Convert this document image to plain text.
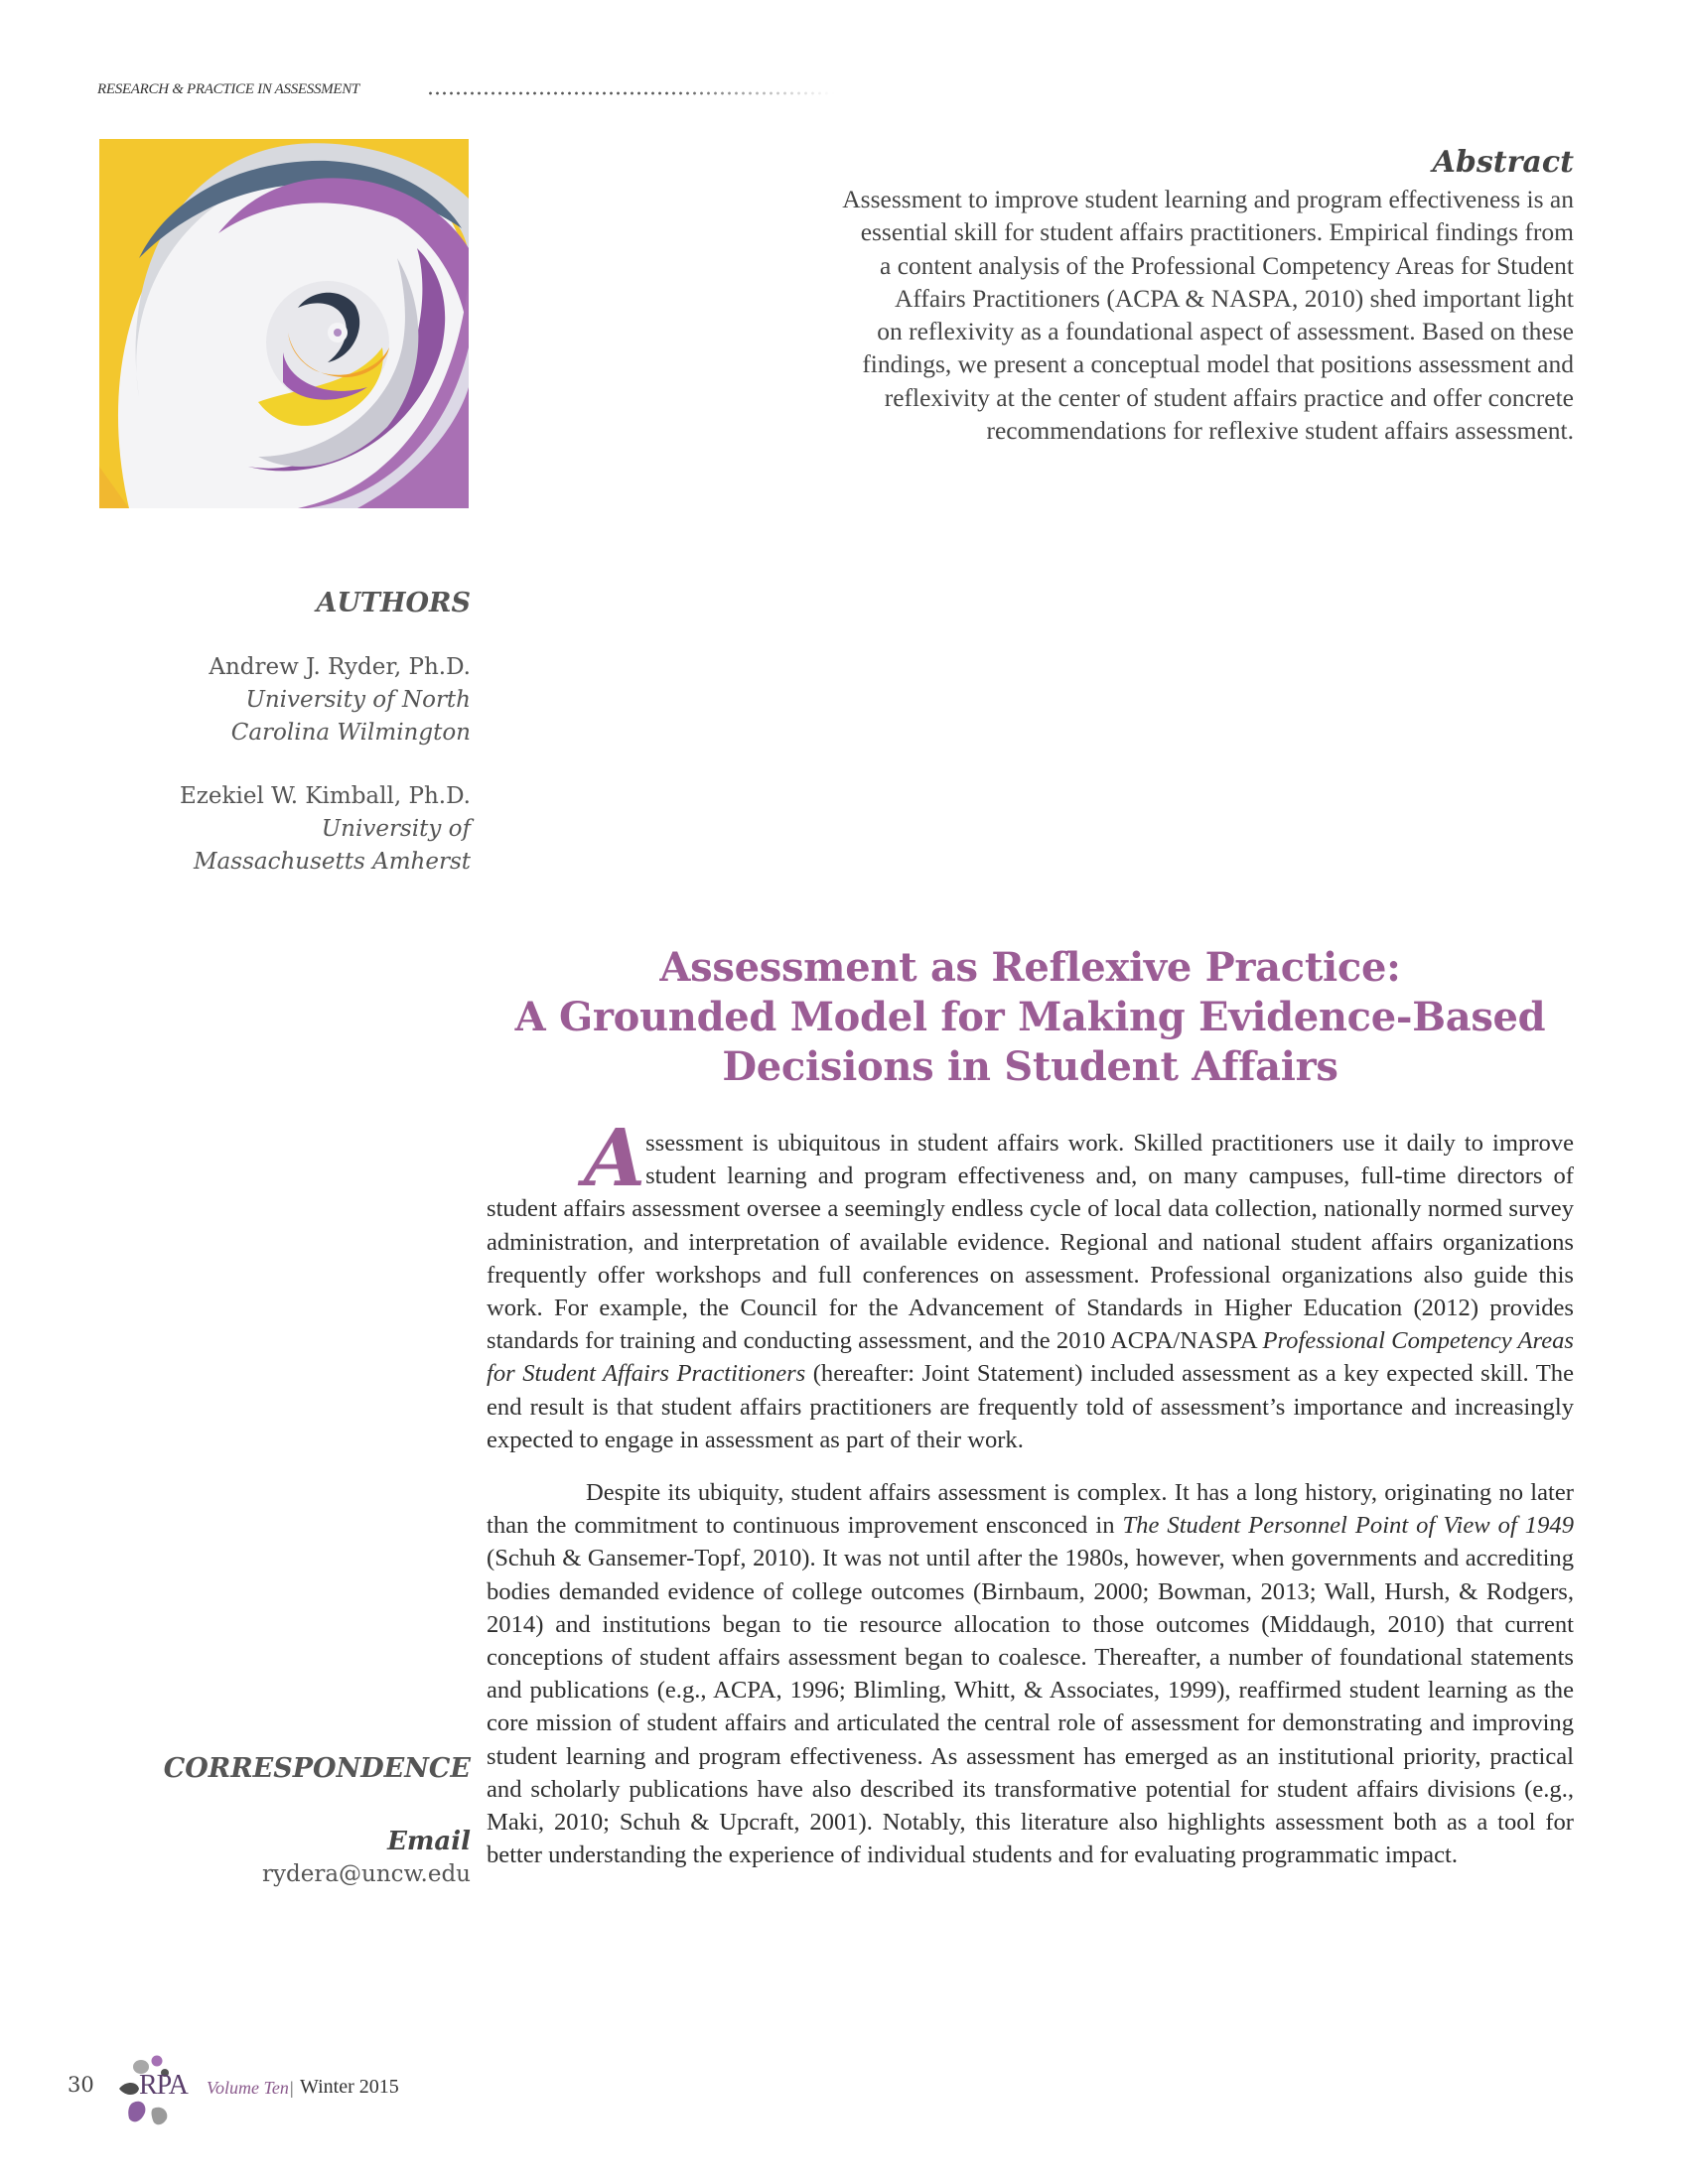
RESEARCH & PRACTICE IN ASSESSMENT
Abstract
Assessment to improve student learning and program effectiveness is an
essential skill for student affairs practitioners. Empirical findings from
a content analysis of the Professional Competency Areas for Student
Affairs Practitioners (ACPA & NASPA, 2010) shed important light
on reflexivity as a foundational aspect of assessment. Based on these
findings, we present a conceptual model that positions assessment and
reflexivity at the center of student affairs practice and offer concrete
recommendations for reflexive student affairs assessment.
AUTHORS
Andrew J. Ryder, Ph.D.
University of North
Carolina Wilmington
Ezekiel W. Kimball, Ph.D.
University of
Massachusetts Amherst
Assessment as Reflexive Practice:
A Grounded Model for Making Evidence-Based
Decisions in Student Affairs

Assessment is ubiquitous in student affairs work. Skilled practitioners use it daily to improve student learning and program effectiveness and, on many campuses, full-time directors of student affairs assessment oversee a seemingly endless cycle of local data collection, nationally normed survey administration, and interpretation of available evidence. Regional and national student affairs organizations frequently offer workshops and full conferences on assessment. Professional organizations also guide this work. For example, the Council for the Advancement of Standards in Higher Education (2012) provides standards for training and conducting assessment, and the 2010 ACPA/NASPA Professional Competency Areas for Student Affairs Practitioners (hereafter: Joint Statement) included assessment as a key expected skill. The end result is that student affairs practitioners are frequently told of assessment’s importance and increasingly expected to engage in assessment as part of their work.

Despite its ubiquity, student affairs assessment is complex. It has a long history, originating no later than the commitment to continuous improvement ensconced in The Student Personnel Point of View of 1949 (Schuh & Gansemer-Topf, 2010). It was not until after the 1980s, however, when governments and accrediting bodies demanded evidence of college outcomes (Birnbaum, 2000; Bowman, 2013; Wall, Hursh, & Rodgers, 2014) and institutions began to tie resource allocation to those outcomes (Middaugh, 2010) that current conceptions of student affairs assessment began to coalesce. Thereafter, a number of foundational statements and publications (e.g., ACPA, 1996; Blimling, Whitt, & Associates, 1999), reaffirmed student learning as the core mission of student affairs and articulated the central role of assessment for demonstrating and improving student learning and program effectiveness. As assessment has emerged as an institutional priority, practical and scholarly publications have also described its transformative potential for student affairs divisions (e.g., Maki, 2010; Schuh & Upcraft, 2001). Notably, this literature also highlights assessment both as a tool for better understanding the experience of individual students and for evaluating programmatic impact.

CORRESPONDENCE
Email
rydera@uncw.edu
30 RPA Volume Ten | Winter 2015
